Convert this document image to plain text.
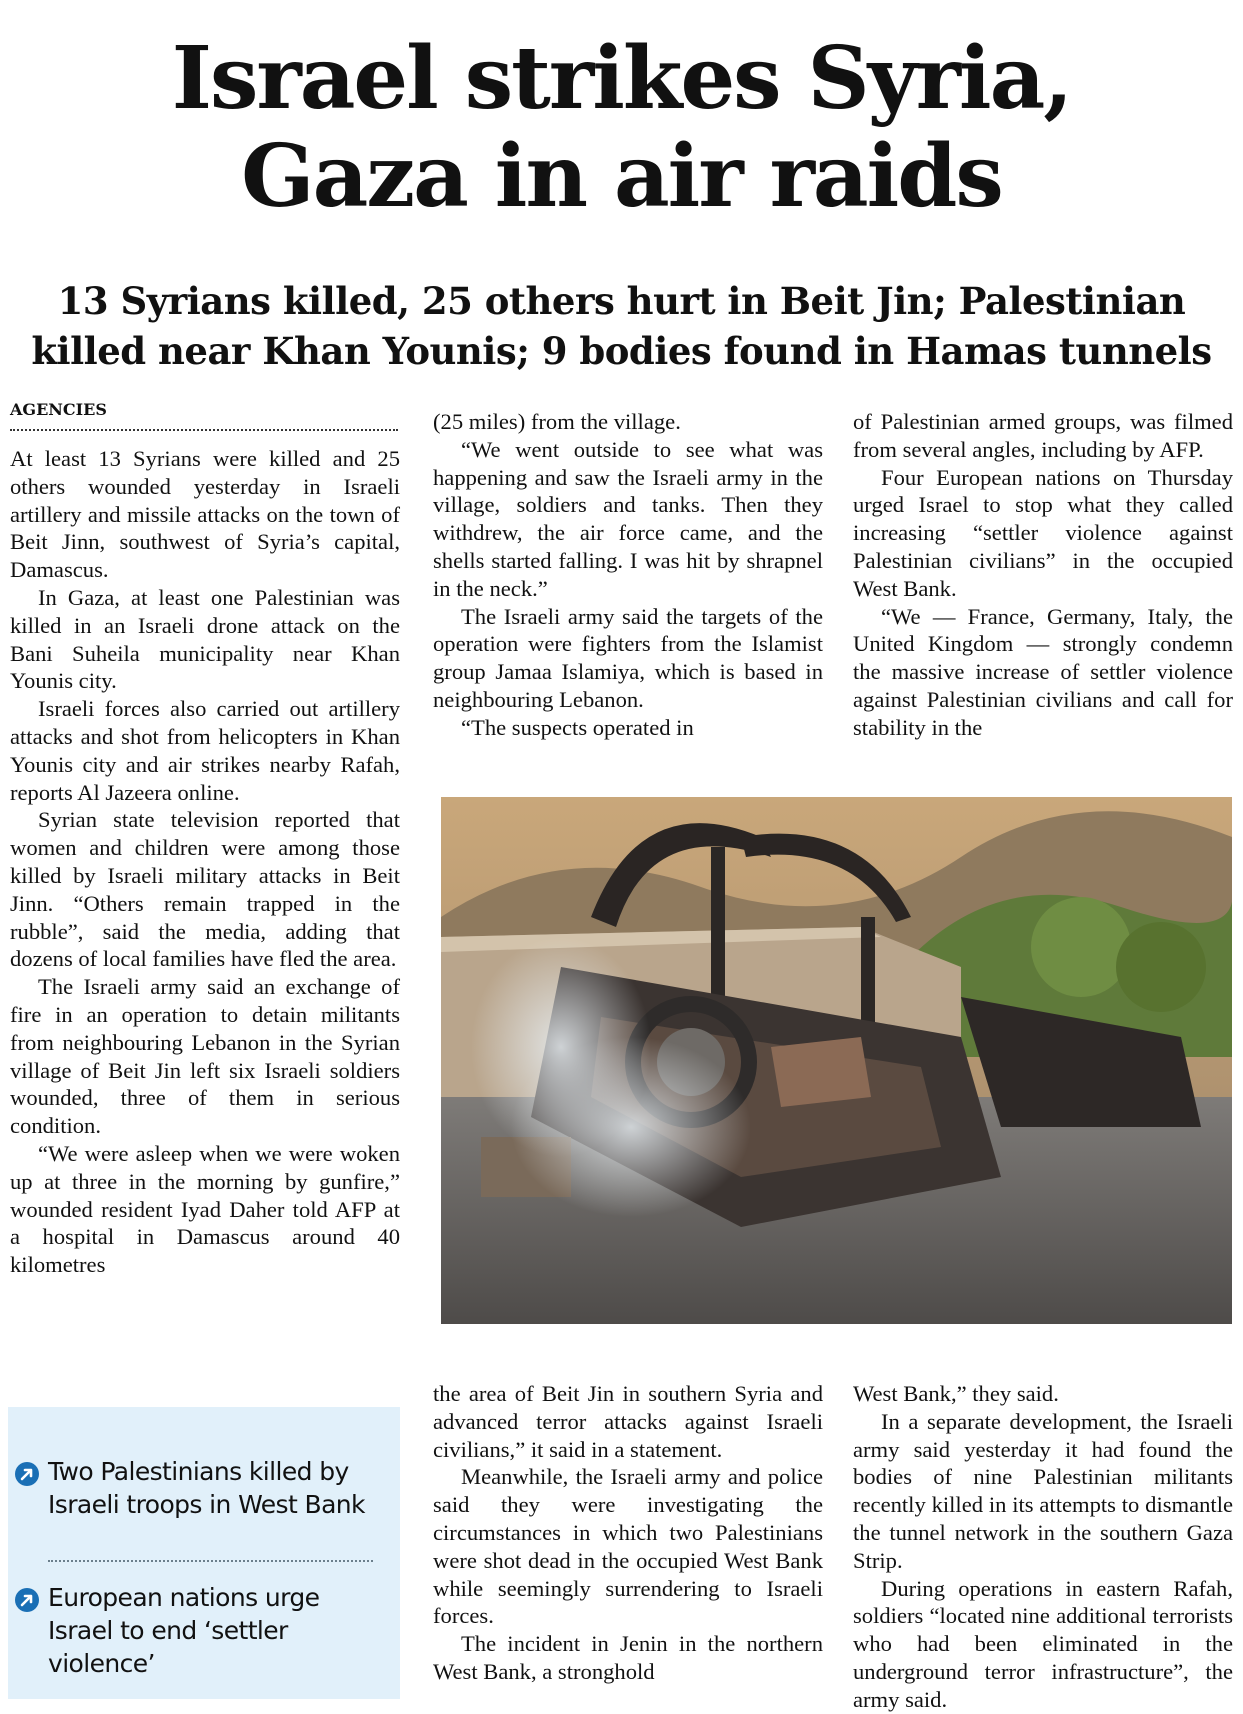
Israel strikes Syria,
Gaza in air raids
13 Syrians killed, 25 others hurt in Beit Jin; Palestinian
killed near Khan Younis; 9 bodies found in Hamas tunnels
AGENCIES

At least 13 Syrians were killed and 25 others wounded yesterday in Israeli artillery and missile attacks on the town of Beit Jinn, southwest of Syria’s capital, Damascus.

In Gaza, at least one Palestinian was killed in an Israeli drone attack on the Bani Suheila municipality near Khan Younis city.

Israeli forces also carried out artillery attacks and shot from helicopters in Khan Younis city and air strikes nearby Rafah, reports Al Jazeera online.

Syrian state television reported that women and children were among those killed by Israeli military attacks in Beit Jinn. “Others remain trapped in the rubble”, said the media, adding that dozens of local families have fled the area.

The Israeli army said an exchange of fire in an operation to detain militants from neighbouring Lebanon in the Syrian village of Beit Jin left six Israeli soldiers wounded, three of them in serious condition.

“We were asleep when we were woken up at three in the morning by gunfire,” wounded resident Iyad Daher told AFP at a hospital in Damascus around 40 kilometres

(25 miles) from the village.

“We went outside to see what was happening and saw the Israeli army in the village, soldiers and tanks. Then they withdrew, the air force came, and the shells started falling. I was hit by shrapnel in the neck.”

The Israeli army said the targets of the operation were fighters from the Islamist group Jamaa Islamiya, which is based in neighbouring Lebanon.

“The suspects operated in

of Palestinian armed groups, was filmed from several angles, including by AFP.

Four European nations on Thursday urged Israel to stop what they called increasing “settler violence against Palestinian civilians” in the occupied West Bank.

“We — France, Germany, Italy, the United Kingdom — strongly condemn the massive increase of settler violence against Palestinian civilians and call for stability in the

the area of Beit Jin in southern Syria and advanced terror attacks against Israeli civilians,” it said in a statement.

Meanwhile, the Israeli army and police said they were investigating the circumstances in which two Palestinians were shot dead in the occupied West Bank while seemingly surrendering to Israeli forces.

The incident in Jenin in the northern West Bank, a stronghold

West Bank,” they said.

In a separate development, the Israeli army said yesterday it had found the bodies of nine Palestinian militants recently killed in its attempts to dismantle the tunnel network in the southern Gaza Strip.

During operations in eastern Rafah, soldiers “located nine additional terrorists who had been eliminated in the underground terror infrastructure”, the army said.

Two Palestinians killed by Israeli troops in West Bank
European nations urge Israel to end ‘settler violence’
